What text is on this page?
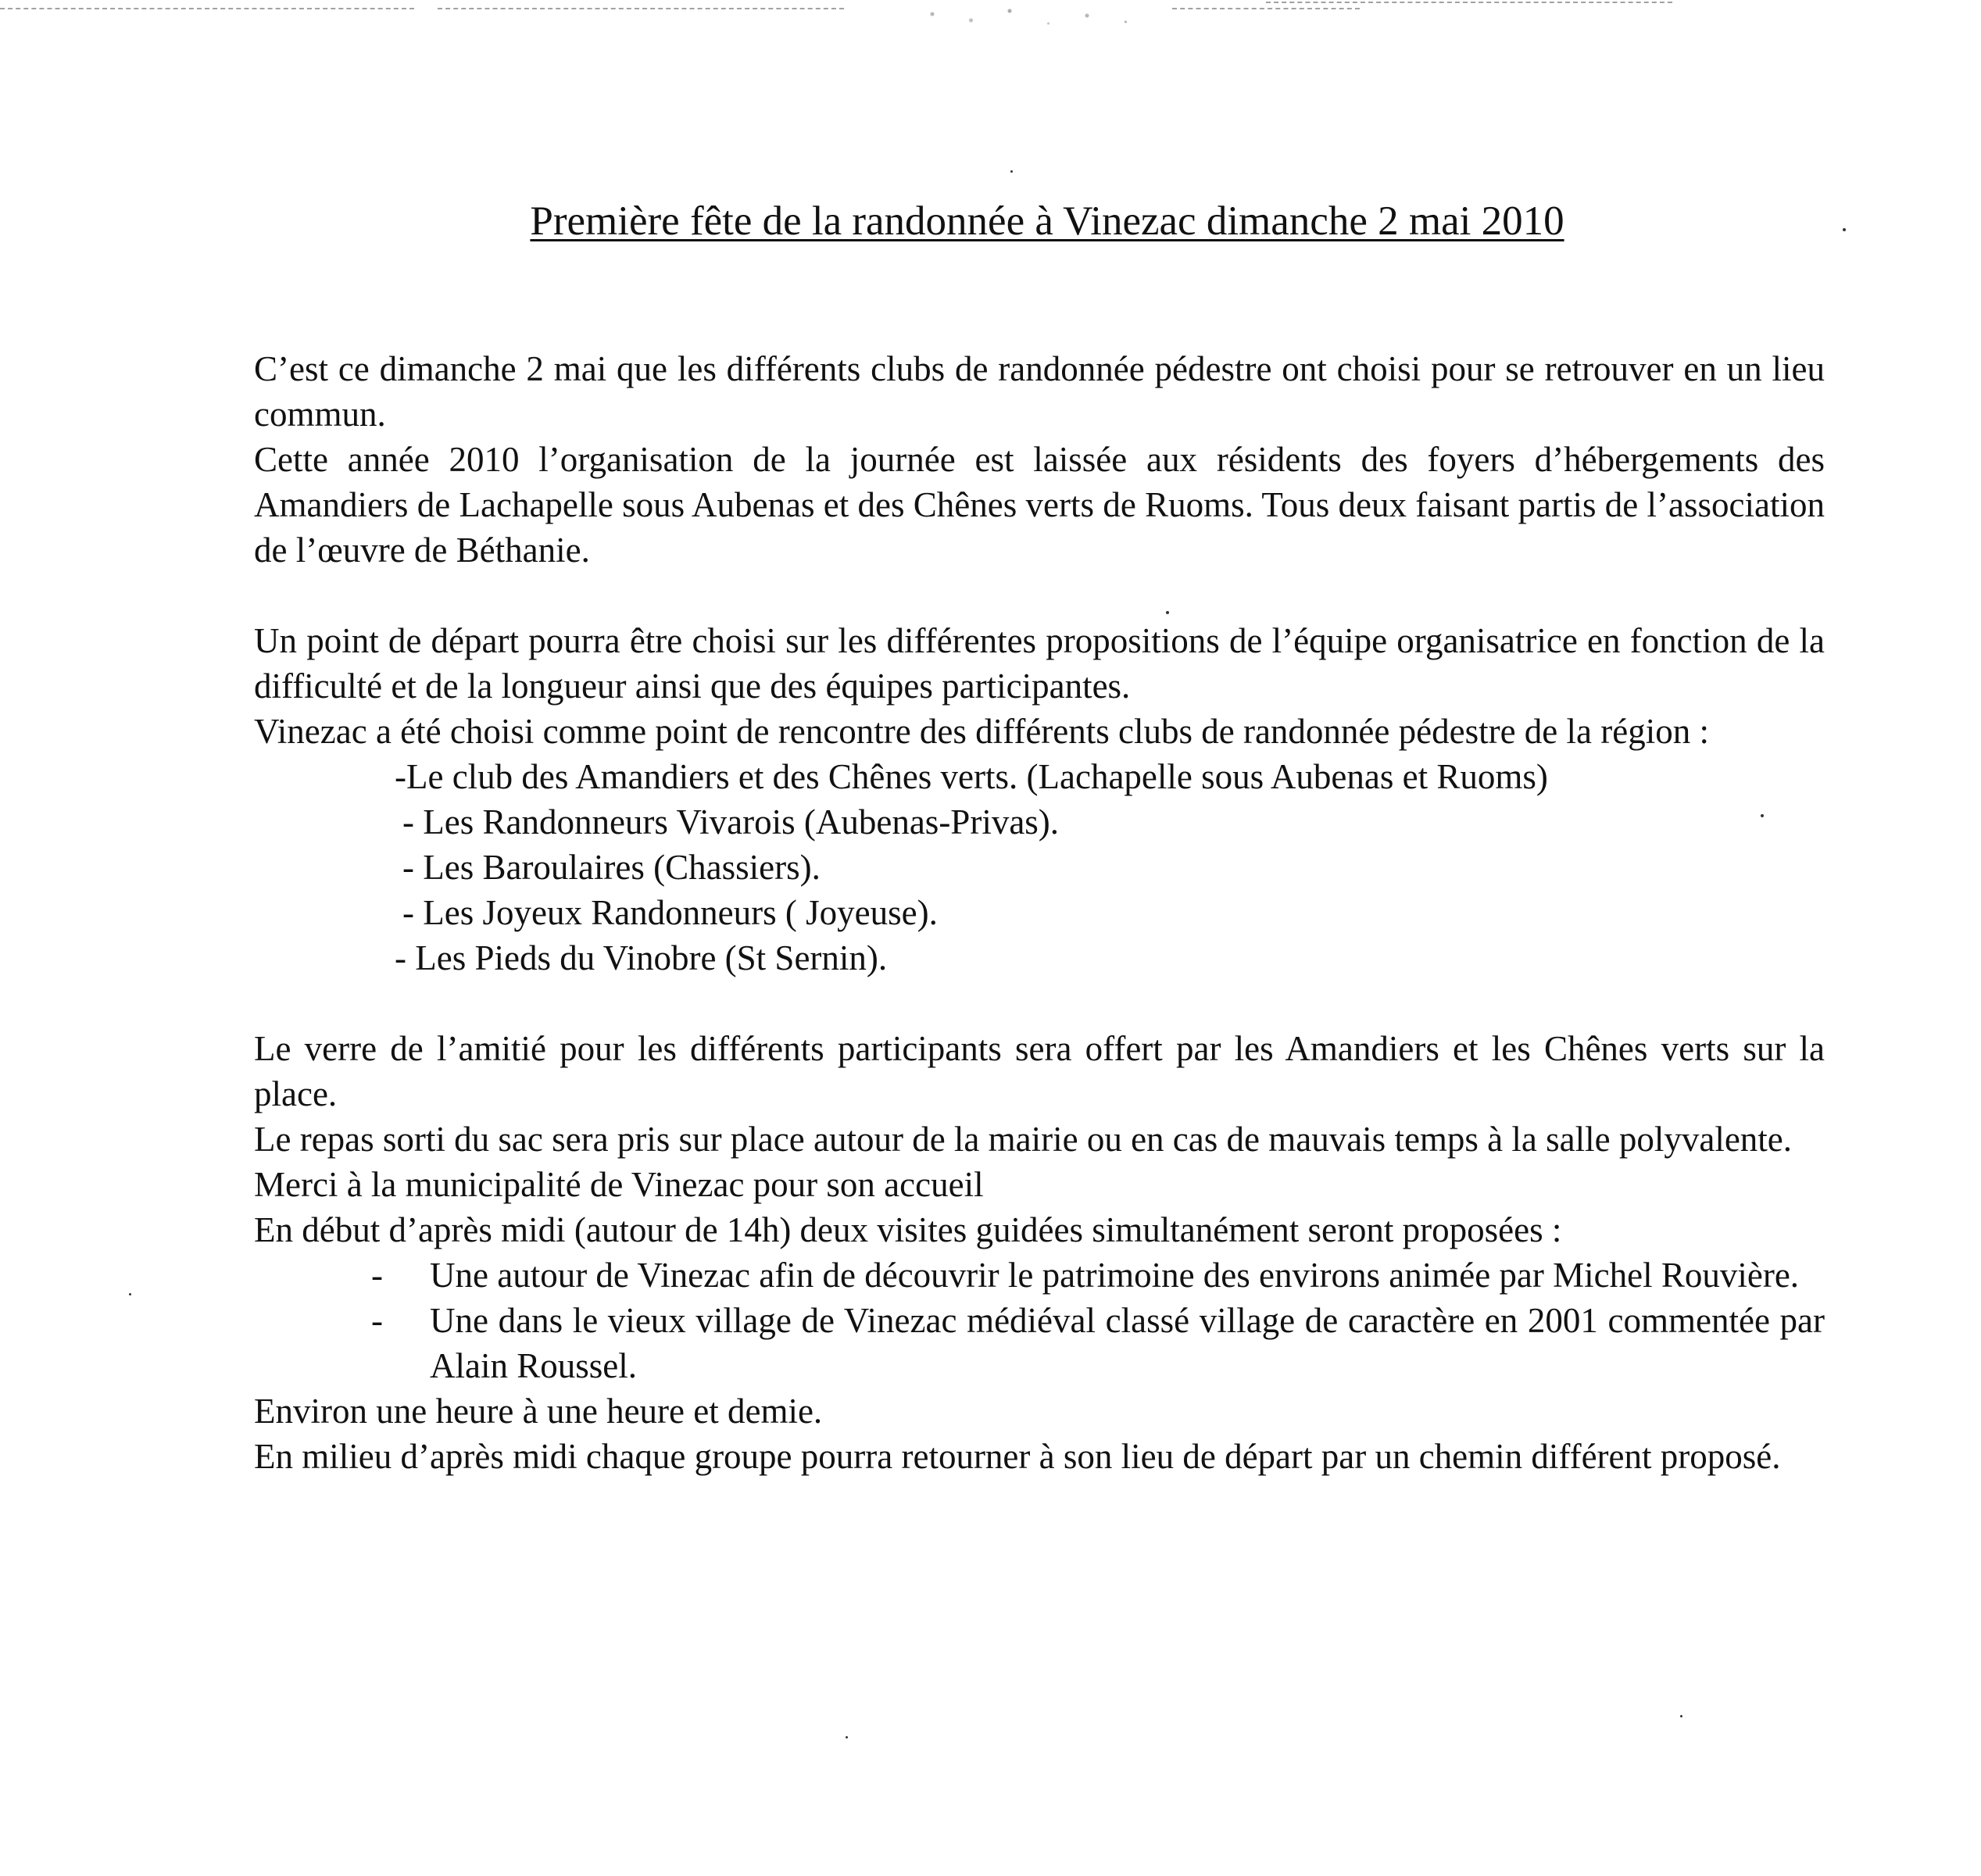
Première fête de la randonnée à Vinezac dimanche 2 mai 2010

C’est ce dimanche 2 mai que les différents clubs de randonnée pédestre ont choisi pour se retrouver en un lieu commun.

Cette année 2010 l’organisation de la journée est laissée aux résidents des foyers d’hébergements des Amandiers de Lachapelle sous Aubenas et des Chênes verts de Ruoms. Tous deux faisant partis de l’association de l’œuvre de Béthanie.

Un point de départ pourra être choisi sur les différentes propositions de l’équipe organisatrice en fonction de la difficulté et de la longueur ainsi que des équipes participantes.

Vinezac a été choisi comme point de rencontre des différents clubs de randonnée pédestre de la région :

-Le club des Amandiers et des Chênes verts. (Lachapelle sous Aubenas et Ruoms)
- Les Randonneurs Vivarois (Aubenas-Privas).
- Les Baroulaires (Chassiers).
- Les Joyeux Randonneurs ( Joyeuse).
- Les Pieds du Vinobre (St Sernin).

Le verre de l’amitié pour les différents participants sera offert par les Amandiers et les Chênes verts sur la place.

Le repas sorti du sac sera pris sur place autour de la mairie ou en cas de mauvais temps à la salle polyvalente.

Merci à la municipalité de Vinezac pour son accueil

En début d’après midi (autour de 14h) deux visites guidées simultanément seront proposées :

- Une autour de Vinezac afin de découvrir le patrimoine des environs animée par Michel Rouvière.

- Une dans le vieux village de Vinezac médiéval classé village de caractère en 2001 commentée par Alain Roussel.

Environ une heure à une heure et demie.

En milieu d’après midi chaque groupe pourra retourner à son lieu de départ par un chemin différent proposé.
